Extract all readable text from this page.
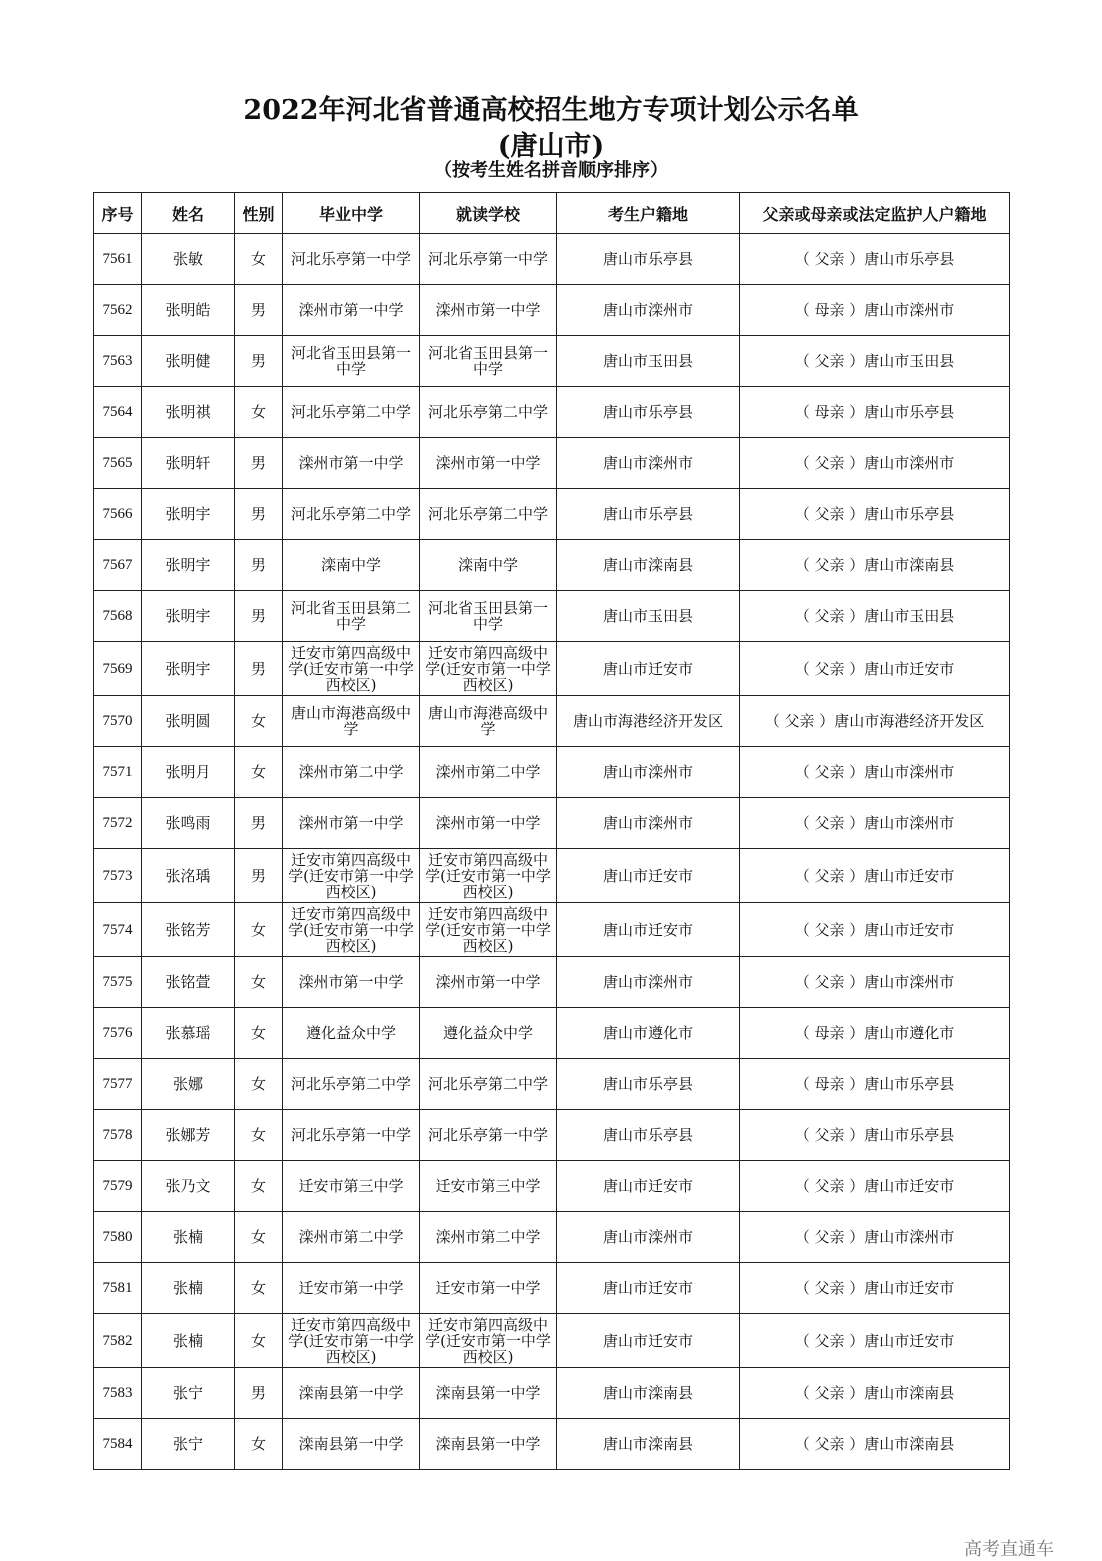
2022年河北省普通高校招生地方专项计划公示名单
(唐山市)
（按考生姓名拼音顺序排序）
序号	姓名	性别	毕业中学	就读学校	考生户籍地	父亲或母亲或法定监护人户籍地
7561	张敏	女	河北乐亭第一中学	河北乐亭第一中学	唐山市乐亭县	（ 父亲 ）唐山市乐亭县
7562	张明皓	男	滦州市第一中学	滦州市第一中学	唐山市滦州市	（ 母亲 ）唐山市滦州市
7563	张明健	男	河北省玉田县第一中学	河北省玉田县第一中学	唐山市玉田县	（ 父亲 ）唐山市玉田县
7564	张明祺	女	河北乐亭第二中学	河北乐亭第二中学	唐山市乐亭县	（ 母亲 ）唐山市乐亭县
7565	张明轩	男	滦州市第一中学	滦州市第一中学	唐山市滦州市	（ 父亲 ）唐山市滦州市
7566	张明宇	男	河北乐亭第二中学	河北乐亭第二中学	唐山市乐亭县	（ 父亲 ）唐山市乐亭县
7567	张明宇	男	滦南中学	滦南中学	唐山市滦南县	（ 父亲 ）唐山市滦南县
7568	张明宇	男	河北省玉田县第二中学	河北省玉田县第一中学	唐山市玉田县	（ 父亲 ）唐山市玉田县
7569	张明宇	男	迁安市第四高级中学(迁安市第一中学西校区)	迁安市第四高级中学(迁安市第一中学西校区)	唐山市迁安市	（ 父亲 ）唐山市迁安市
7570	张明圆	女	唐山市海港高级中学	唐山市海港高级中学	唐山市海港经济开发区	（ 父亲 ）唐山市海港经济开发区
7571	张明月	女	滦州市第二中学	滦州市第二中学	唐山市滦州市	（ 父亲 ）唐山市滦州市
7572	张鸣雨	男	滦州市第一中学	滦州市第一中学	唐山市滦州市	（ 父亲 ）唐山市滦州市
7573	张洺瑀	男	迁安市第四高级中学(迁安市第一中学西校区)	迁安市第四高级中学(迁安市第一中学西校区)	唐山市迁安市	（ 父亲 ）唐山市迁安市
7574	张铭芳	女	迁安市第四高级中学(迁安市第一中学西校区)	迁安市第四高级中学(迁安市第一中学西校区)	唐山市迁安市	（ 父亲 ）唐山市迁安市
7575	张铭萱	女	滦州市第一中学	滦州市第一中学	唐山市滦州市	（ 父亲 ）唐山市滦州市
7576	张慕瑶	女	遵化益众中学	遵化益众中学	唐山市遵化市	（ 母亲 ）唐山市遵化市
7577	张娜	女	河北乐亭第二中学	河北乐亭第二中学	唐山市乐亭县	（ 母亲 ）唐山市乐亭县
7578	张娜芳	女	河北乐亭第一中学	河北乐亭第一中学	唐山市乐亭县	（ 父亲 ）唐山市乐亭县
7579	张乃文	女	迁安市第三中学	迁安市第三中学	唐山市迁安市	（ 父亲 ）唐山市迁安市
7580	张楠	女	滦州市第二中学	滦州市第二中学	唐山市滦州市	（ 父亲 ）唐山市滦州市
7581	张楠	女	迁安市第一中学	迁安市第一中学	唐山市迁安市	（ 父亲 ）唐山市迁安市
7582	张楠	女	迁安市第四高级中学(迁安市第一中学西校区)	迁安市第四高级中学(迁安市第一中学西校区)	唐山市迁安市	（ 父亲 ）唐山市迁安市
7583	张宁	男	滦南县第一中学	滦南县第一中学	唐山市滦南县	（ 父亲 ）唐山市滦南县
7584	张宁	女	滦南县第一中学	滦南县第一中学	唐山市滦南县	（ 父亲 ）唐山市滦南县
高考直通车
